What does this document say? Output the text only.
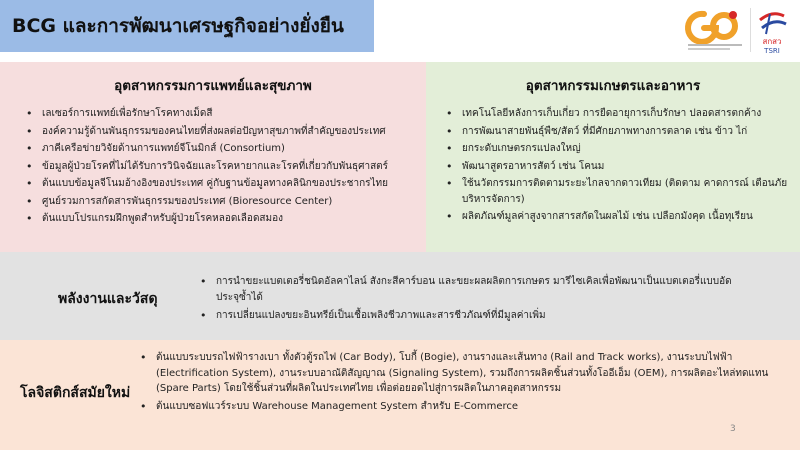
BCG และการพัฒนาเศรษฐกิจอย่างยั่งยืน
สกสว
TSRI
อุตสาหกรรมการแพทย์และสุขภาพ
• เลเซอร์การแพทย์เพื่อรักษาโรคทางเม็ดสี
• องค์ความรู้ด้านพันธุกรรมของคนไทยที่ส่งผลต่อปัญหาสุขภาพที่สำคัญของประเทศ
• ภาคีเครือข่ายวิจัยด้านการแพทย์จีโนมิกส์ (Consortium)
• ข้อมูลผู้ป่วยโรคที่ไม่ได้รับการวินิจฉัยและโรคหายากและโรคที่เกี่ยวกับพันธุศาสตร์
• ต้นแบบข้อมูลจีโนมอ้างอิงของประเทศ คู่กับฐานข้อมูลทางคลินิกของประชากรไทย
• ศูนย์รวมการสกัดสารพันธุกรรมของประเทศ (Bioresource Center)
• ต้นแบบโปรแกรมฝึกพูดสำหรับผู้ป่วยโรคหลอดเลือดสมอง
อุตสาหกรรมเกษตรและอาหาร
• เทคโนโลยีหลังการเก็บเกี่ยว การยืดอายุการเก็บรักษา ปลอดสารตกค้าง
• การพัฒนาสายพันธุ์พืช/สัตว์ ที่มีศักยภาพทางการตลาด เช่น ข้าว ไก่
• ยกระดับเกษตรกรแปลงใหญ่
• พัฒนาสูตรอาหารสัตว์ เช่น โคนม
• ใช้นวัตกรรมการติดตามระยะไกลจากดาวเทียม (ติดตาม คาดการณ์ เตือนภัย บริหารจัดการ)
• ผลิตภัณฑ์มูลค่าสูงจากสารสกัดในผลไม้ เช่น เปลือกมังคุด เนื้อทุเรียน
พลังงานและวัสดุ
• การนำขยะแบตเตอรี่ชนิดอัลคาไลน์ สังกะสีคาร์บอน และขยะผลผลิตการเกษตร มารีไซเคิลเพื่อพัฒนาเป็นแบตเตอรี่แบบอัดประจุซ้ำได้
• การเปลี่ยนแปลงขยะอินทรีย์เป็นเชื้อเพลิงชีวภาพและสารชีวภัณฑ์ที่มีมูลค่าเพิ่ม
โลจิสติกส์สมัยใหม่
• ต้นแบบระบบรถไฟฟ้ารางเบา ทั้งตัวตู้รถไฟ (Car Body), โบกี้ (Bogie), งานรางและเส้นทาง (Rail and Track works), งานระบบไฟฟ้า (Electrification System), งานระบบอาณัติสัญญาณ (Signaling System), รวมถึงการผลิตชิ้นส่วนทั้งโออีเอ็ม (OEM), การผลิตอะไหล่ทดแทน (Spare Parts) โดยใช้ชิ้นส่วนที่ผลิตในประเทศไทย เพื่อต่อยอดไปสู่การผลิตในภาคอุตสาหกรรม
• ต้นแบบซอฟแวร์ระบบ Warehouse Management System สำหรับ E-Commerce
3
